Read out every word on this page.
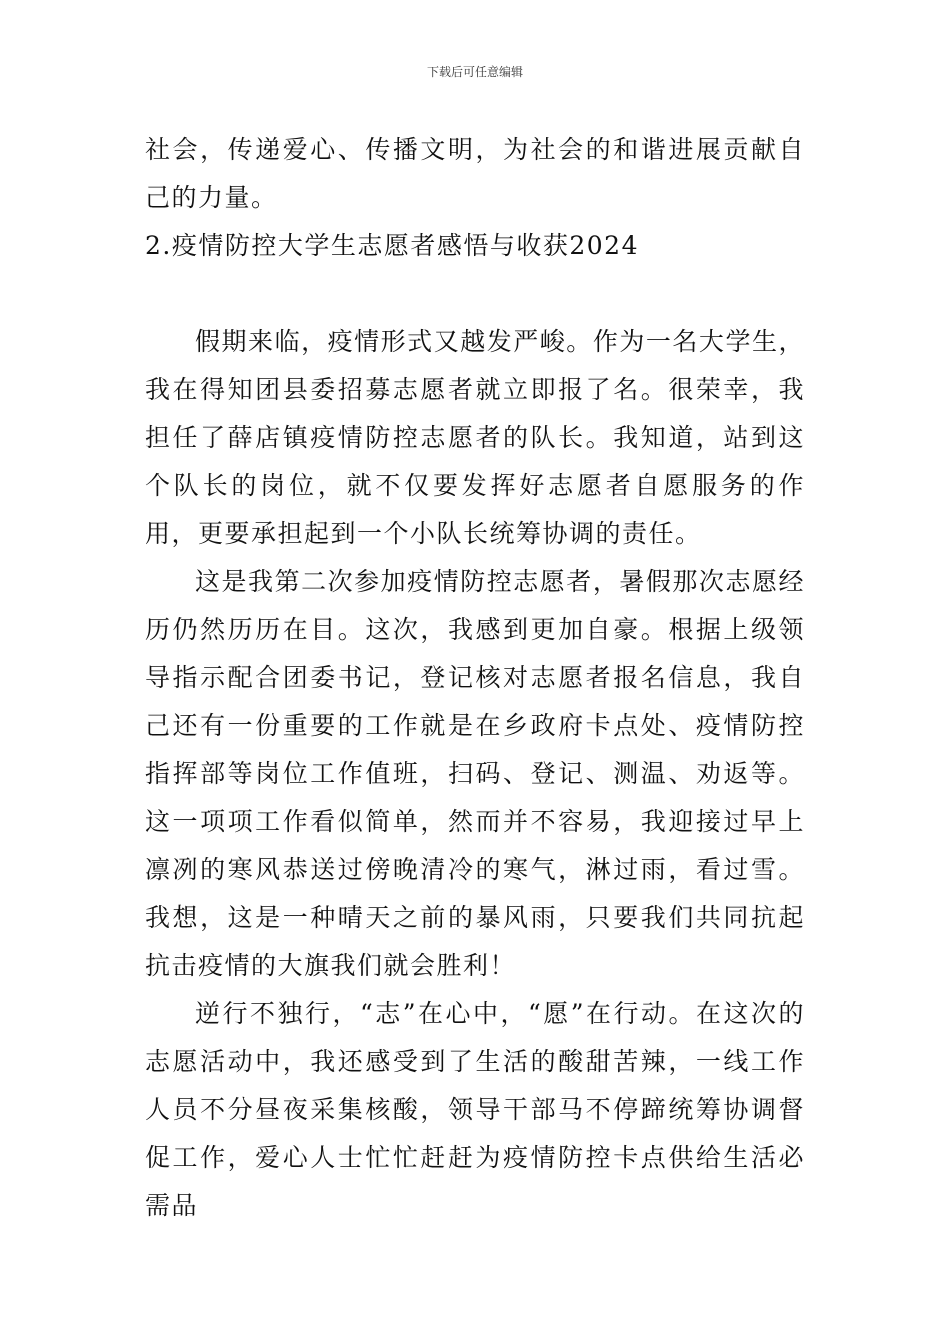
下载后可任意编辑

社会，传递爱心、传播文明，为社会的和谐进展贡献自己的力量。

2.疫情防控大学生志愿者感悟与收获2024

假期来临，疫情形式又越发严峻。作为一名大学生，我在得知团县委招募志愿者就立即报了名。很荣幸，我担任了薛店镇疫情防控志愿者的队长。我知道，站到这个队长的岗位，就不仅要发挥好志愿者自愿服务的作用，更要承担起到一个小队长统筹协调的责任。

这是我第二次参加疫情防控志愿者，暑假那次志愿经历仍然历历在目。这次，我感到更加自豪。根据上级领导指示配合团委书记，登记核对志愿者报名信息，我自己还有一份重要的工作就是在乡政府卡点处、疫情防控指挥部等岗位工作值班，扫码、登记、测温、劝返等。这一项项工作看似简单，然而并不容易，我迎接过早上凛冽的寒风恭送过傍晚清冷的寒气，淋过雨，看过雪。我想，这是一种晴天之前的暴风雨，只要我们共同抗起抗击疫情的大旗我们就会胜利！

逆行不独行，“志”在心中，“愿”在行动。在这次的志愿活动中，我还感受到了生活的酸甜苦辣，一线工作人员不分昼夜采集核酸，领导干部马不停蹄统筹协调督促工作，爱心人士忙忙赶赶为疫情防控卡点供给生活必需品
